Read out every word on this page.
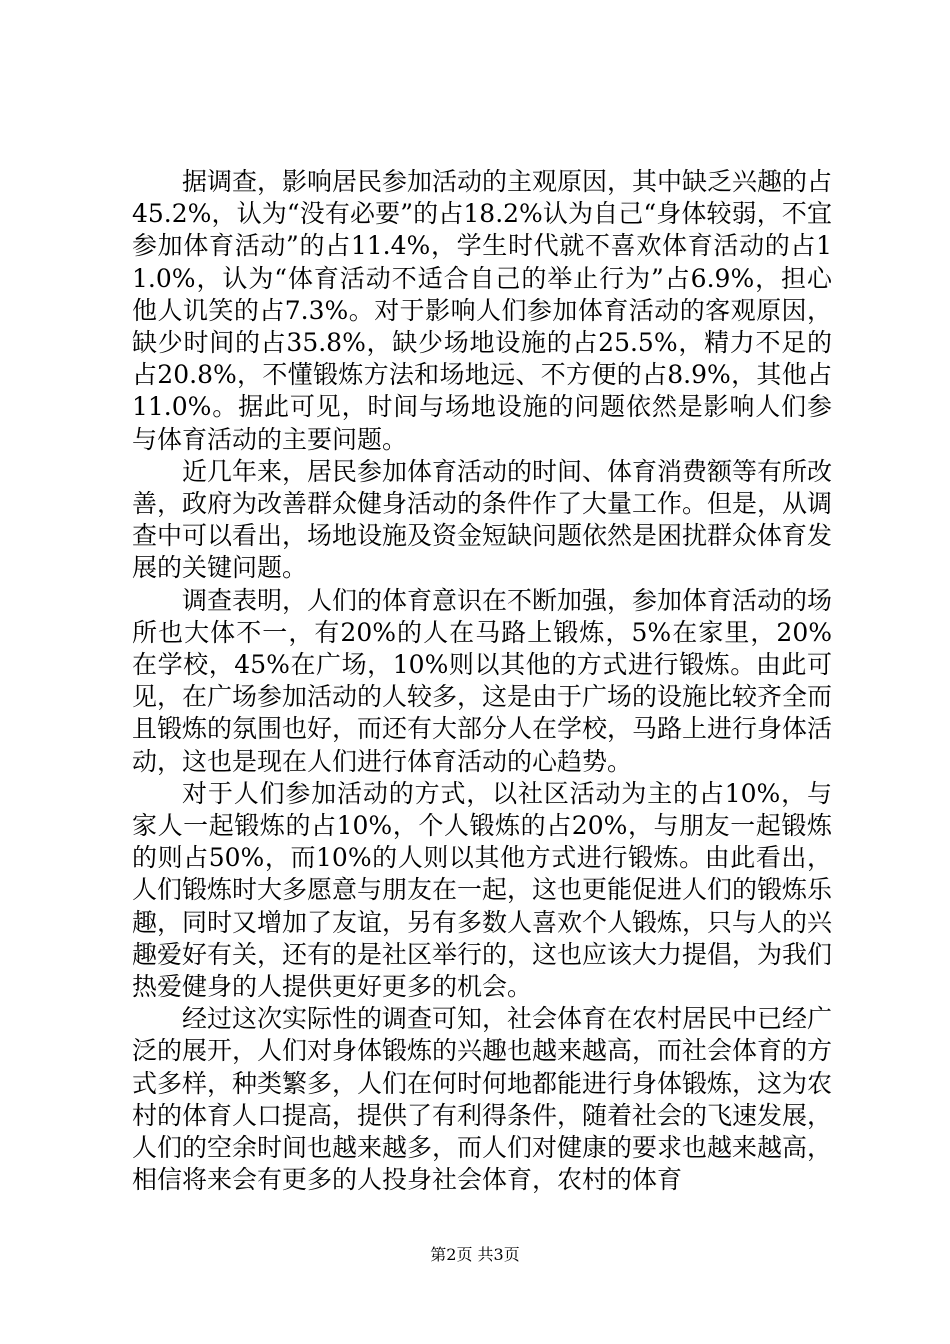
据调查，影响居民参加活动的主观原因，其中缺乏兴趣的占45.2%，认为“没有必要”的占18.2%认为自己“身体较弱，不宜参加体育活动”的占11.4%，学生时代就不喜欢体育活动的占11.0%，认为“体育活动不适合自己的举止行为”占6.9%，担心他人讥笑的占7.3%。对于影响人们参加体育活动的客观原因，缺少时间的占35.8%，缺少场地设施的占25.5%，精力不足的占20.8%，不懂锻炼方法和场地远、不方便的占8.9%，其他占11.0%。据此可见，时间与场地设施的问题依然是影响人们参与体育活动的主要问题。

近几年来，居民参加体育活动的时间、体育消费额等有所改善，政府为改善群众健身活动的条件作了大量工作。但是，从调查中可以看出，场地设施及资金短缺问题依然是困扰群众体育发展的关键问题。

调查表明，人们的体育意识在不断加强，参加体育活动的场所也大体不一，有20%的人在马路上锻炼，5%在家里，20%在学校，45%在广场，10%则以其他的方式进行锻炼。由此可见，在广场参加活动的人较多，这是由于广场的设施比较齐全而且锻炼的氛围也好，而还有大部分人在学校，马路上进行身体活动，这也是现在人们进行体育活动的心趋势。

对于人们参加活动的方式，以社区活动为主的占10%，与家人一起锻炼的占10%，个人锻炼的占20%，与朋友一起锻炼的则占50%，而10%的人则以其他方式进行锻炼。由此看出，人们锻炼时大多愿意与朋友在一起，这也更能促进人们的锻炼乐趣，同时又增加了友谊，另有多数人喜欢个人锻炼，只与人的兴趣爱好有关，还有的是社区举行的，这也应该大力提倡，为我们热爱健身的人提供更好更多的机会。

经过这次实际性的调查可知，社会体育在农村居民中已经广泛的展开，人们对身体锻炼的兴趣也越来越高，而社会体育的方式多样，种类繁多，人们在何时何地都能进行身体锻炼，这为农村的体育人口提高，提供了有利得条件，随着社会的飞速发展，人们的空余时间也越来越多，而人们对健康的要求也越来越高，相信将来会有更多的人投身社会体育，农村的体育

第2页 共3页
